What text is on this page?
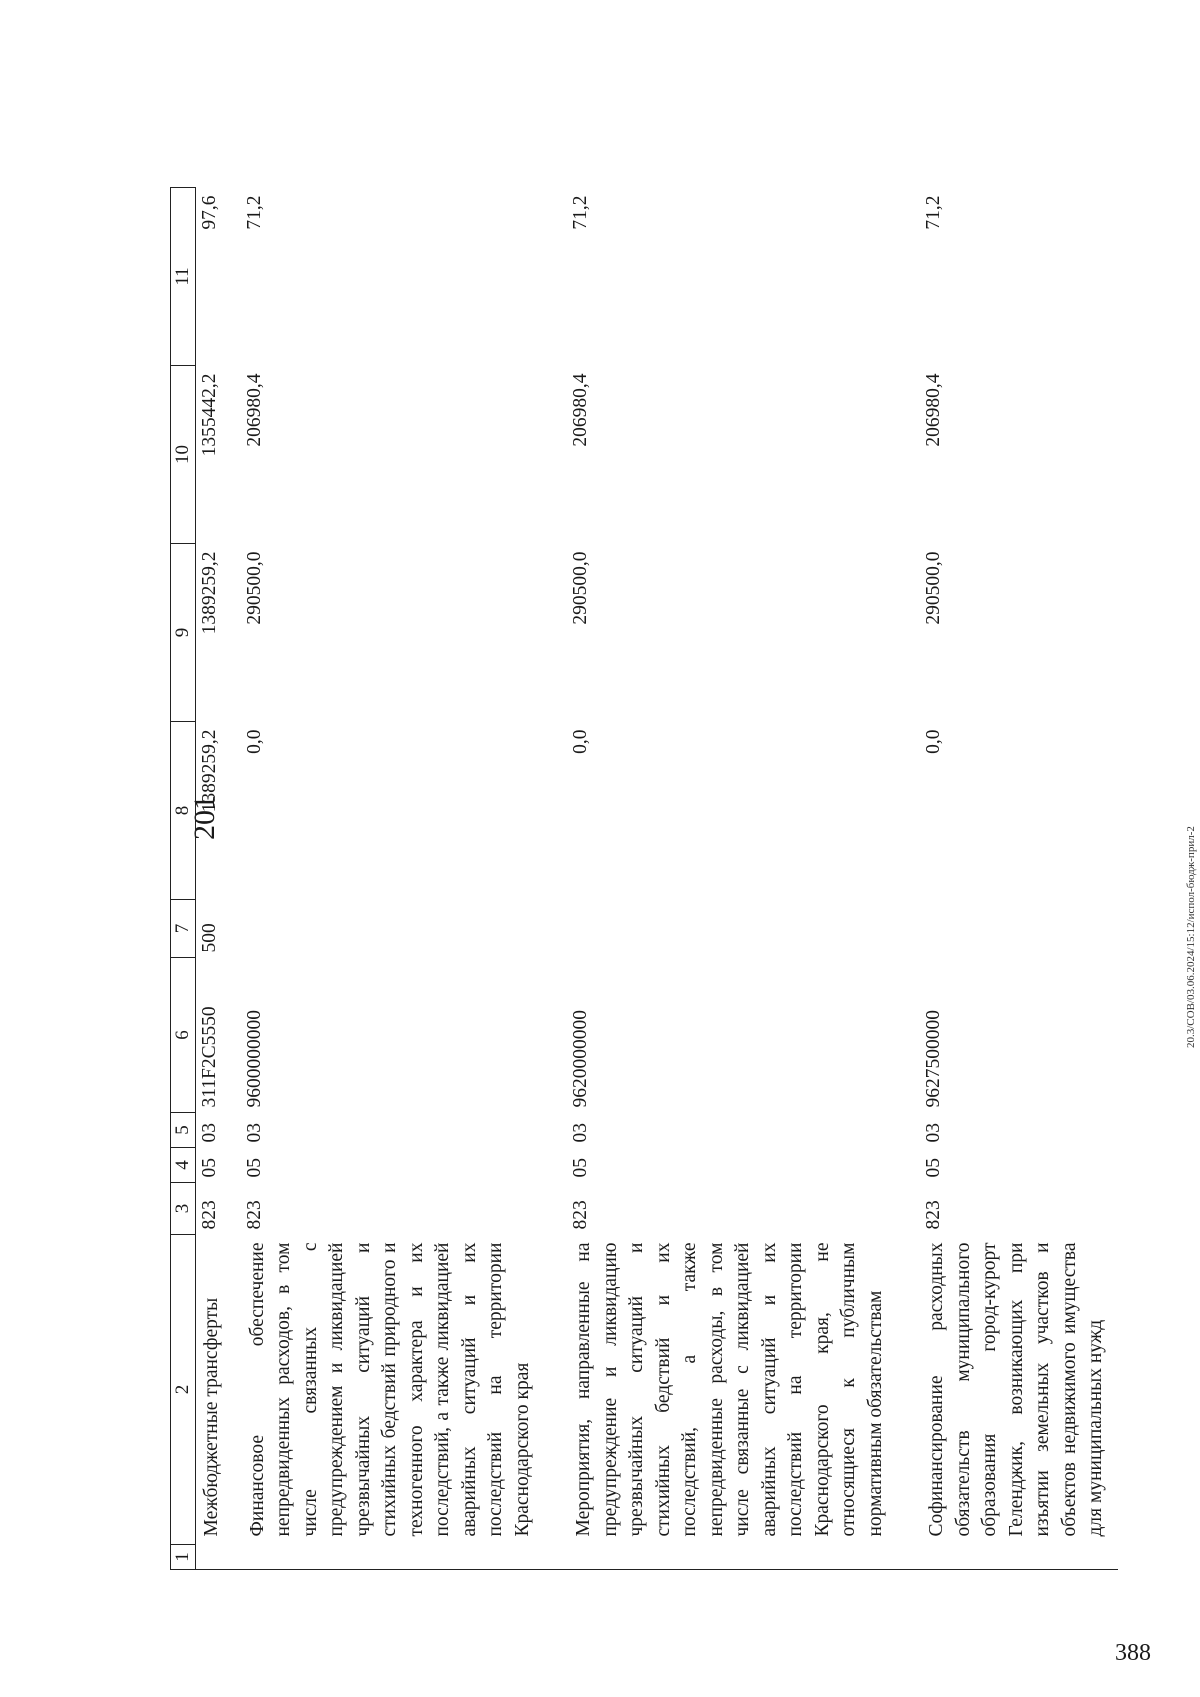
201
1	2	3	4	5	6	7	8	9	10	11
	Межбюджетные трансферты	823	05	03	311F2C5550	500	1389259,2	1389259,2	1355442,2	97,6
	Финансовое обеспечение непредвиденных расходов, в том числе связанных с предупреждением и ликвидацией чрезвычайных ситуаций и стихийных бедствий природного и техногенного характера и их последствий, а также ликвидацией аварийных ситуаций и их последствий на территории Краснодарского края	823	05	03	9600000000		0,0	290500,0	206980,4	71,2
	Мероприятия, направленные на предупреждение и ликвидацию чрезвычайных ситуаций и стихийных бедствий и их последствий, а также непредвиденные расходы, в том числе связанные с ликвидацией аварийных ситуаций и их последствий на территории Краснодарского края, не относящиеся к публичным нормативным обязательствам	823	05	03	9620000000		0,0	290500,0	206980,4	71,2
	Софинансирование расходных обязательств муниципального образования город-курорт Геленджик, возникающих при изъятии земельных участков и объектов недвижимого имущества для муниципальных нужд	823	05	03	9627500000		0,0	290500,0	206980,4	71,2
20.3/СОВ/03.06.2024/15:12/испол-бюдж-прил-2
388
